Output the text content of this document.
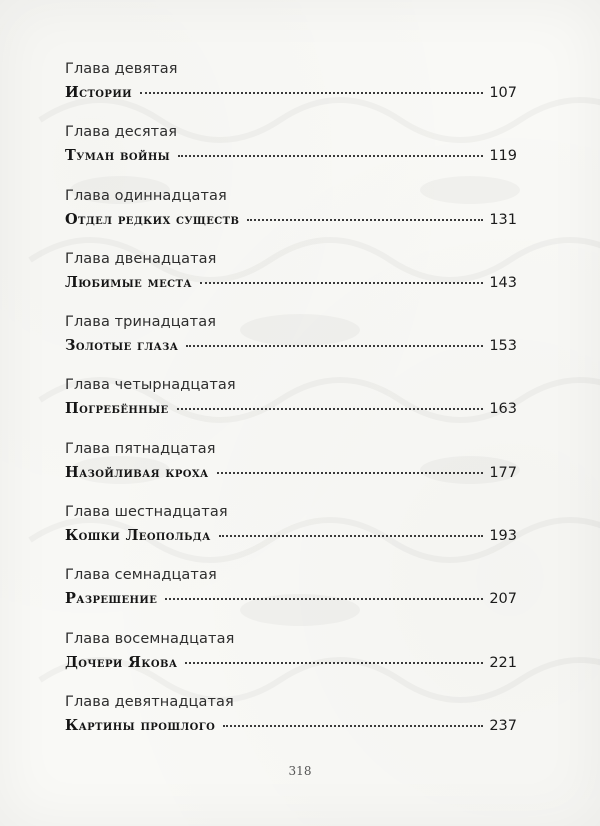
Глава девятая
Истории	107
Глава десятая
Туман войны	119
Глава одиннадцатая
Отдел редких существ	131
Глава двенадцатая
Любимые места	143
Глава тринадцатая
Золотые глаза	153
Глава четырнадцатая
Погребённые	163
Глава пятнадцатая
Назойливая кроха	177
Глава шестнадцатая
Кошки Леопольда	193
Глава семнадцатая
Разрешение	207
Глава восемнадцатая
Дочери Якова	221
Глава девятнадцатая
Картины прошлого	237
318
